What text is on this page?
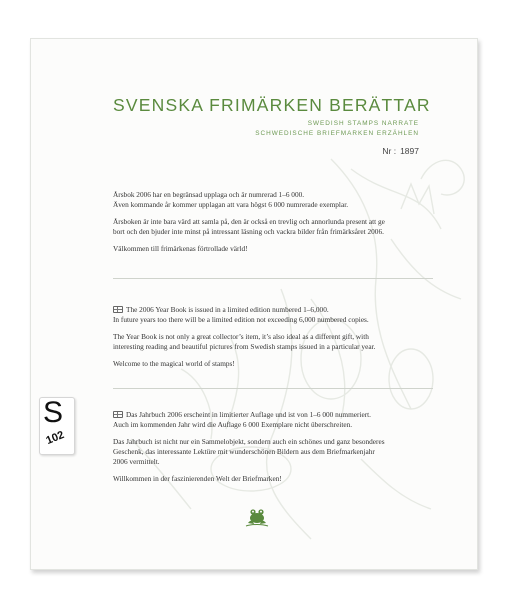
SVENSKA FRIMÄRKEN BERÄTTAR
SWEDISH STAMPS NARRATE
SCHWEDISCHE BRIEFMARKEN ERZÄHLEN
Nr : 1897

Årsbok 2006 har en begränsad upplaga och är numrerad 1–6 000.
Även kommande år kommer upplagan att vara högst 6 000 numrerade exemplar.

Årsboken är inte bara värd att samla på, den är också en trevlig och annorlunda present att ge
bort och den bjuder inte minst på intressant läsning och vackra bilder från frimärksåret 2006.

Välkommen till frimärkenas förtrollade värld!

The 2006 Year Book is issued in a limited edition numbered 1–6,000.
In future years too there will be a limited edition not exceeding 6,000 numbered copies.

The Year Book is not only a great collector’s item, it’s also ideal as a different gift, with
interesting reading and beautiful pictures from Swedish stamps issued in a particular year.

Welcome to the magical world of stamps!

Das Jahrbuch 2006 erscheint in limitierter Auflage und ist von 1–6 000 nummeriert.
Auch im kommenden Jahr wird die Auflage 6 000 Exemplare nicht überschreiten.

Das Jahrbuch ist nicht nur ein Sammelobjekt, sondern auch ein schönes und ganz besonderes
Geschenk, das interessante Lektüre mit wunderschönen Bildern aus dem Briefmarkenjahr
2006 vermittelt.

Willkommen in der faszinierenden Welt der Briefmarken!

S
102
